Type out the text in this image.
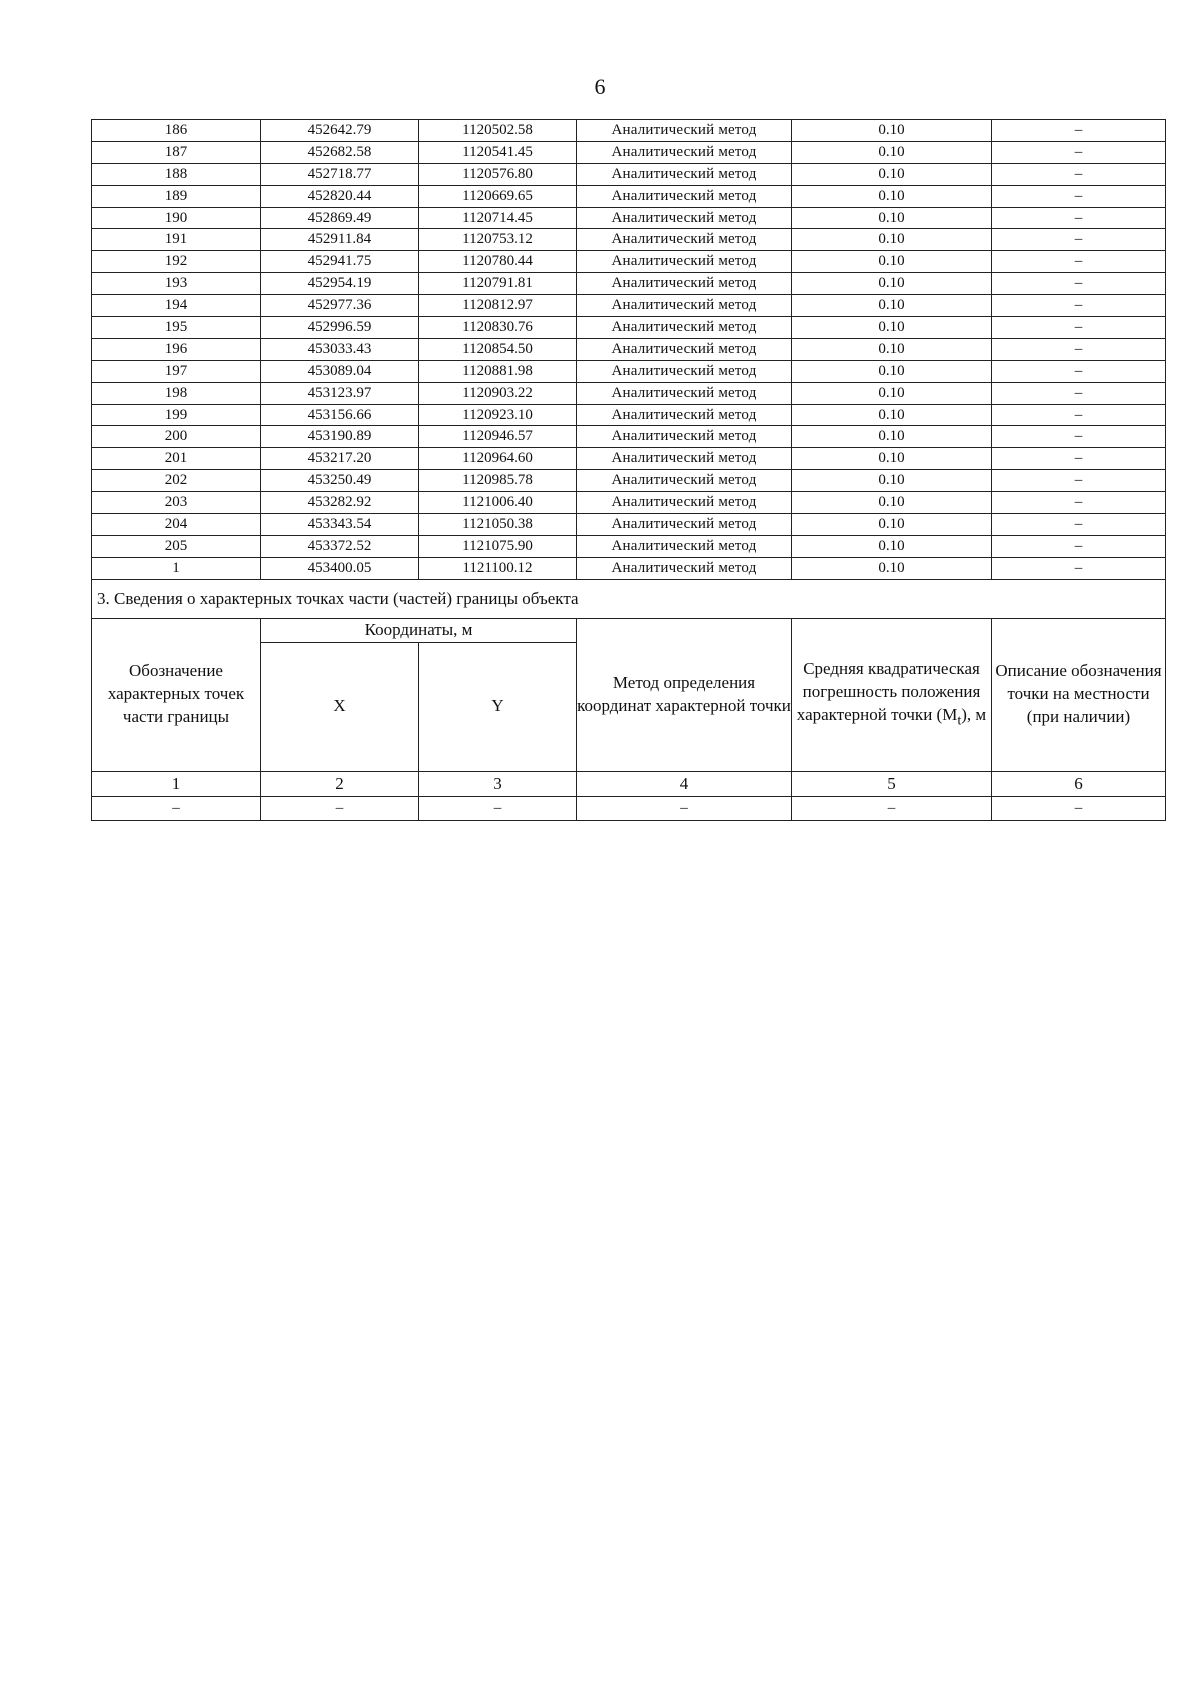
6
186	452642.79	1120502.58	Аналитический метод	0.10	–
187	452682.58	1120541.45	Аналитический метод	0.10	–
188	452718.77	1120576.80	Аналитический метод	0.10	–
189	452820.44	1120669.65	Аналитический метод	0.10	–
190	452869.49	1120714.45	Аналитический метод	0.10	–
191	452911.84	1120753.12	Аналитический метод	0.10	–
192	452941.75	1120780.44	Аналитический метод	0.10	–
193	452954.19	1120791.81	Аналитический метод	0.10	–
194	452977.36	1120812.97	Аналитический метод	0.10	–
195	452996.59	1120830.76	Аналитический метод	0.10	–
196	453033.43	1120854.50	Аналитический метод	0.10	–
197	453089.04	1120881.98	Аналитический метод	0.10	–
198	453123.97	1120903.22	Аналитический метод	0.10	–
199	453156.66	1120923.10	Аналитический метод	0.10	–
200	453190.89	1120946.57	Аналитический метод	0.10	–
201	453217.20	1120964.60	Аналитический метод	0.10	–
202	453250.49	1120985.78	Аналитический метод	0.10	–
203	453282.92	1121006.40	Аналитический метод	0.10	–
204	453343.54	1121050.38	Аналитический метод	0.10	–
205	453372.52	1121075.90	Аналитический метод	0.10	–
1	453400.05	1121100.12	Аналитический метод	0.10	–
3. Сведения о характерных точках части (частей) границы объекта					
Обозначение характерных точек части границы	Координаты, м		Метод определения координат характерной точки	Средняя квадратическая погрешность положения характерной точки $(M_t)$, м	Описание обозначения точки на местности (при наличии)
	X	Y			
1	2	3	4	5	6
–	–	–	–	–	–
